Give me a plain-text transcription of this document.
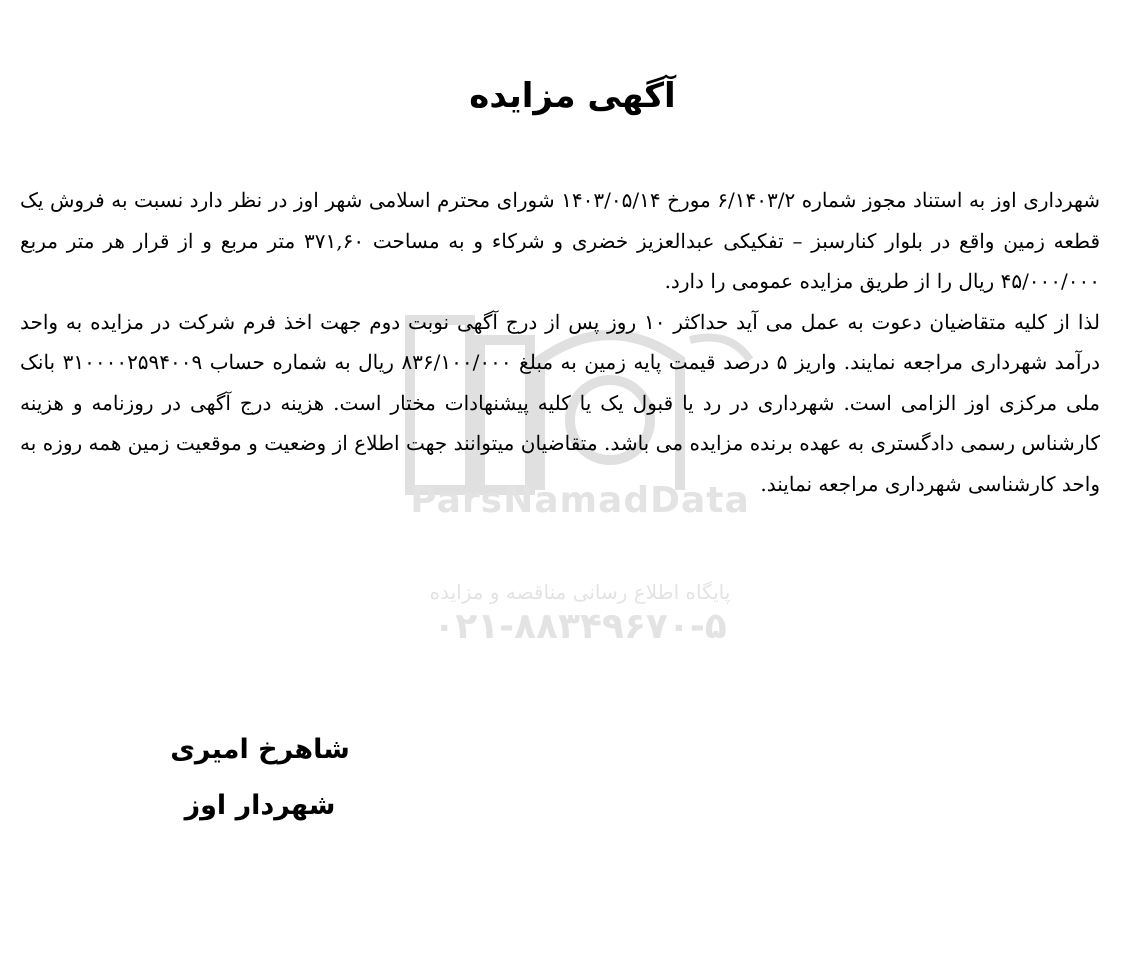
ParsNamadData
پایگاه اطلاع رسانی مناقصه و مزایده
۰۲۱-۸۸۳۴۹۶۷۰-۵
آگهی مزایده

شهرداری اوز به استناد مجوز شماره ۶/۱۴۰۳/۲ مورخ ۱۴۰۳/۰۵/۱۴ شورای محترم اسلامی شهر اوز در نظر دارد نسبت به فروش یک قطعه زمین واقع در بلوار کنارسبز – تفکیکی عبدالعزیز خضری و شرکاء و به مساحت ۳۷۱,۶۰ متر مربع و از قرار هر متر مربع ۴۵/۰۰۰/۰۰۰ ریال را از طریق مزایده عمومی را دارد.

لذا از کلیه متقاضیان دعوت به عمل می آید حداکثر ۱۰ روز پس از درج آگهی نوبت دوم جهت اخذ فرم شرکت در مزایده به واحد درآمد شهرداری مراجعه نمایند. واریز ۵ درصد قیمت پایه زمین به مبلغ ۸۳۶/۱۰۰/۰۰۰ ریال به شماره حساب ۳۱۰۰۰۰۲۵۹۴۰۰۹ بانک ملی مرکزی اوز الزامی است. شهرداری در رد یا قبول یک یا کلیه پیشنهادات مختار است. هزینه درج آگهی در روزنامه و هزینه کارشناس رسمی دادگستری به عهده برنده مزایده می باشد. متقاضیان میتوانند جهت اطلاع از وضعیت و موقعیت زمین همه روزه به واحد کارشناسی شهرداری مراجعه نمایند.

شاهرخ امیری
شهردار اوز
